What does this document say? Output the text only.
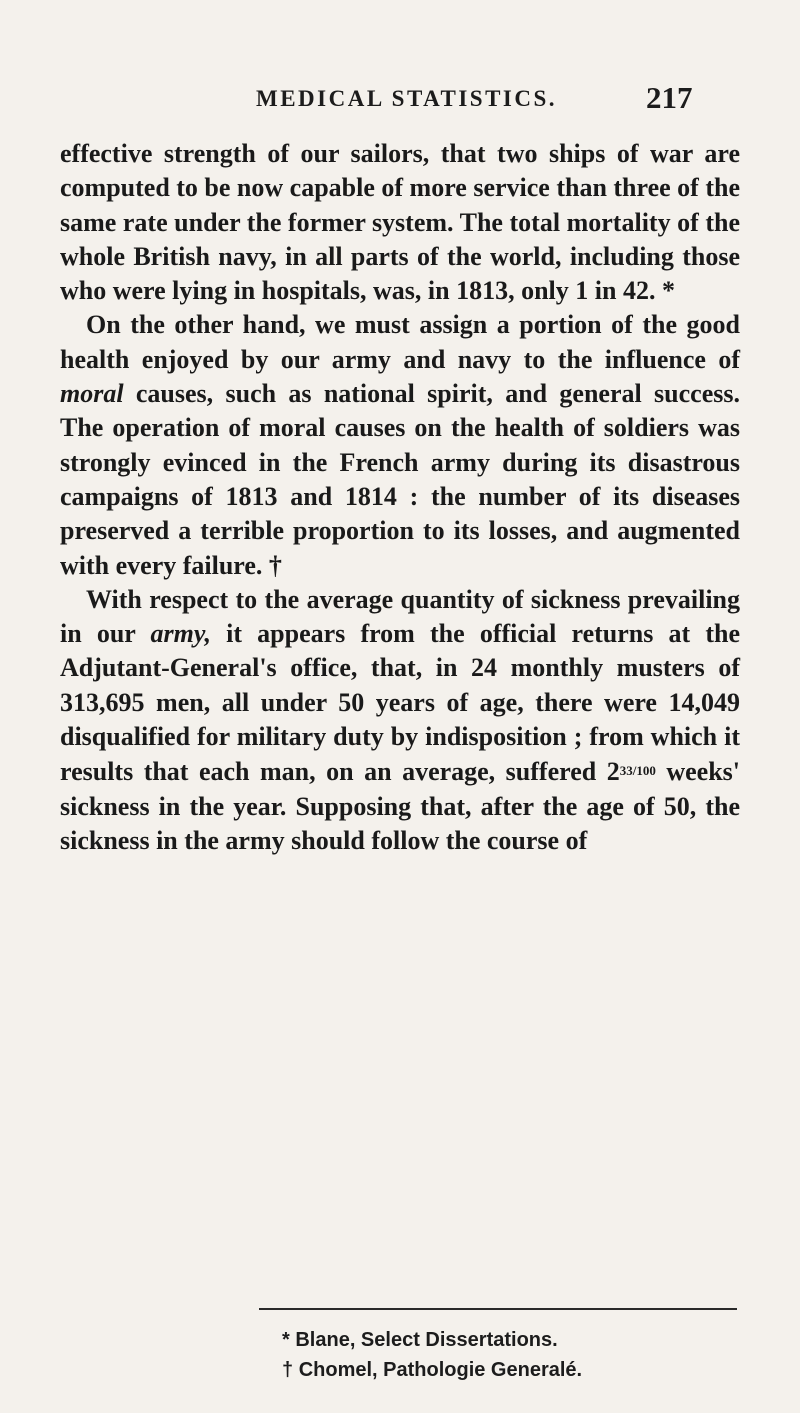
MEDICAL STATISTICS.	217

effective strength of our sailors, that two ships of war are computed to be now capable of more service than three of the same rate under the former system. The total mortality of the whole British navy, in all parts of the world, including those who were lying in hospitals, was, in 1813, only 1 in 42. *

On the other hand, we must assign a portion of the good health enjoyed by our army and navy to the influence of moral causes, such as national spirit, and general success. The operation of moral causes on the health of soldiers was strongly evinced in the French army during its disastrous campaigns of 1813 and 1814 : the number of its diseases preserved a terrible proportion to its losses, and augmented with every failure. †

With respect to the average quantity of sickness prevailing in our army, it appears from the official returns at the Adjutant-General's office, that, in 24 monthly musters of 313,695 men, all under 50 years of age, there were 14,049 disqualified for military duty by indisposition ; from which it results that each man, on an average, suffered 233/100 weeks' sickness in the year. Supposing that, after the age of 50, the sickness in the army should follow the course of

* Blane, Select Dissertations.
† Chomel, Pathologie Generalé.
